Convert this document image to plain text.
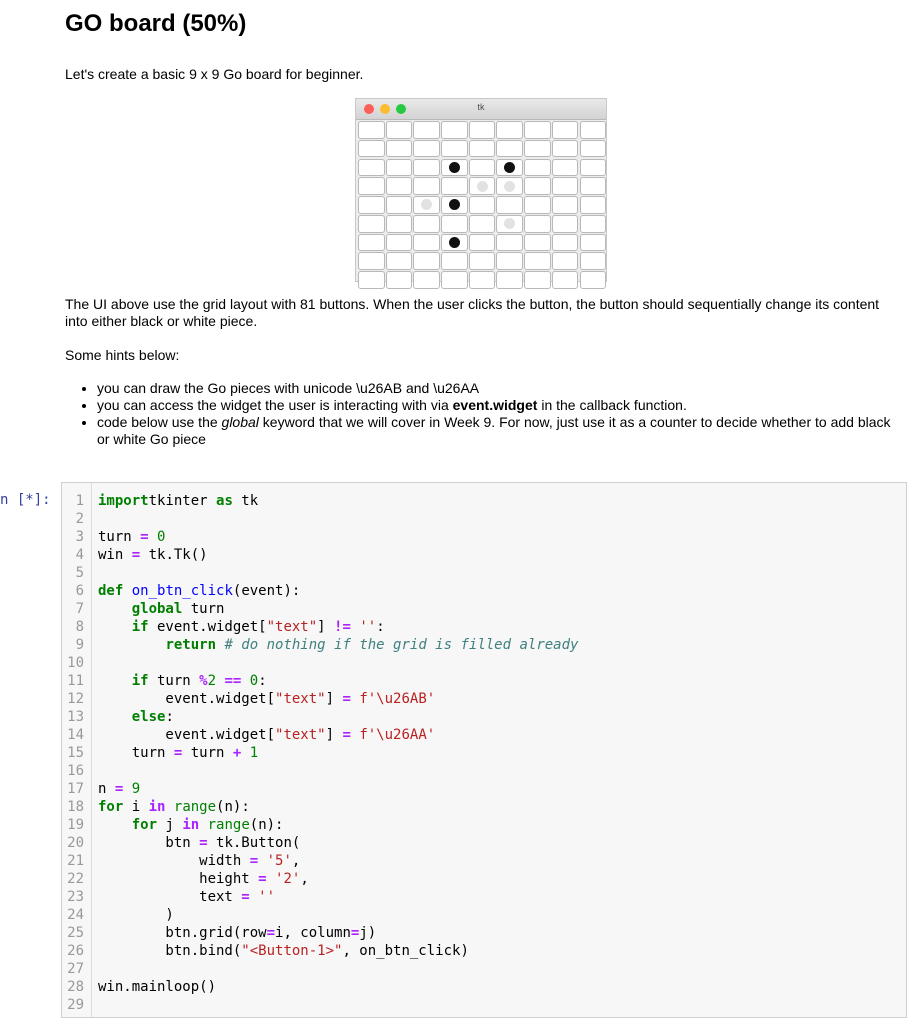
GO board (50%)

Let's create a basic 9 x 9 Go board for beginner.

tk

The UI above use the grid layout with 81 buttons. When the user clicks the button, the button should sequentially change its content into either black or white piece.

Some hints below:

• you can draw the Go pieces with unicode \u26AB and \u26AA
• you can access the widget the user is interacting with via event.widget in the callback function.
• code below use the global keyword that we will cover in Week 9. For now, just use it as a counter to decide whether to add black or white Go piece
n [*]:	1 importtkinter as tk
2
3 turn = 0
4 win = tk.Tk()
5
6 def on_btn_click(event):
7	global turn
8	if event.widget["text"] != '':
9	return # do nothing if the grid is filled already
10
11	if turn %2 == 0:
12 event.widget["text"] = f'\u26AB'
13	else:
14 event.widget["text"] = f'\u26AA'
15 turn = turn + 1
16
17 n = 9
18 for i in range(n):
19	for j in range(n):
20 btn = tk.Button(
21 width = '5',
22 height = '2',
23 text = ''
24 )
25 btn.grid(row=i, column=j)
26 btn.bind("<Button-1>", on_btn_click)
27
28 win.mainloop()
29
